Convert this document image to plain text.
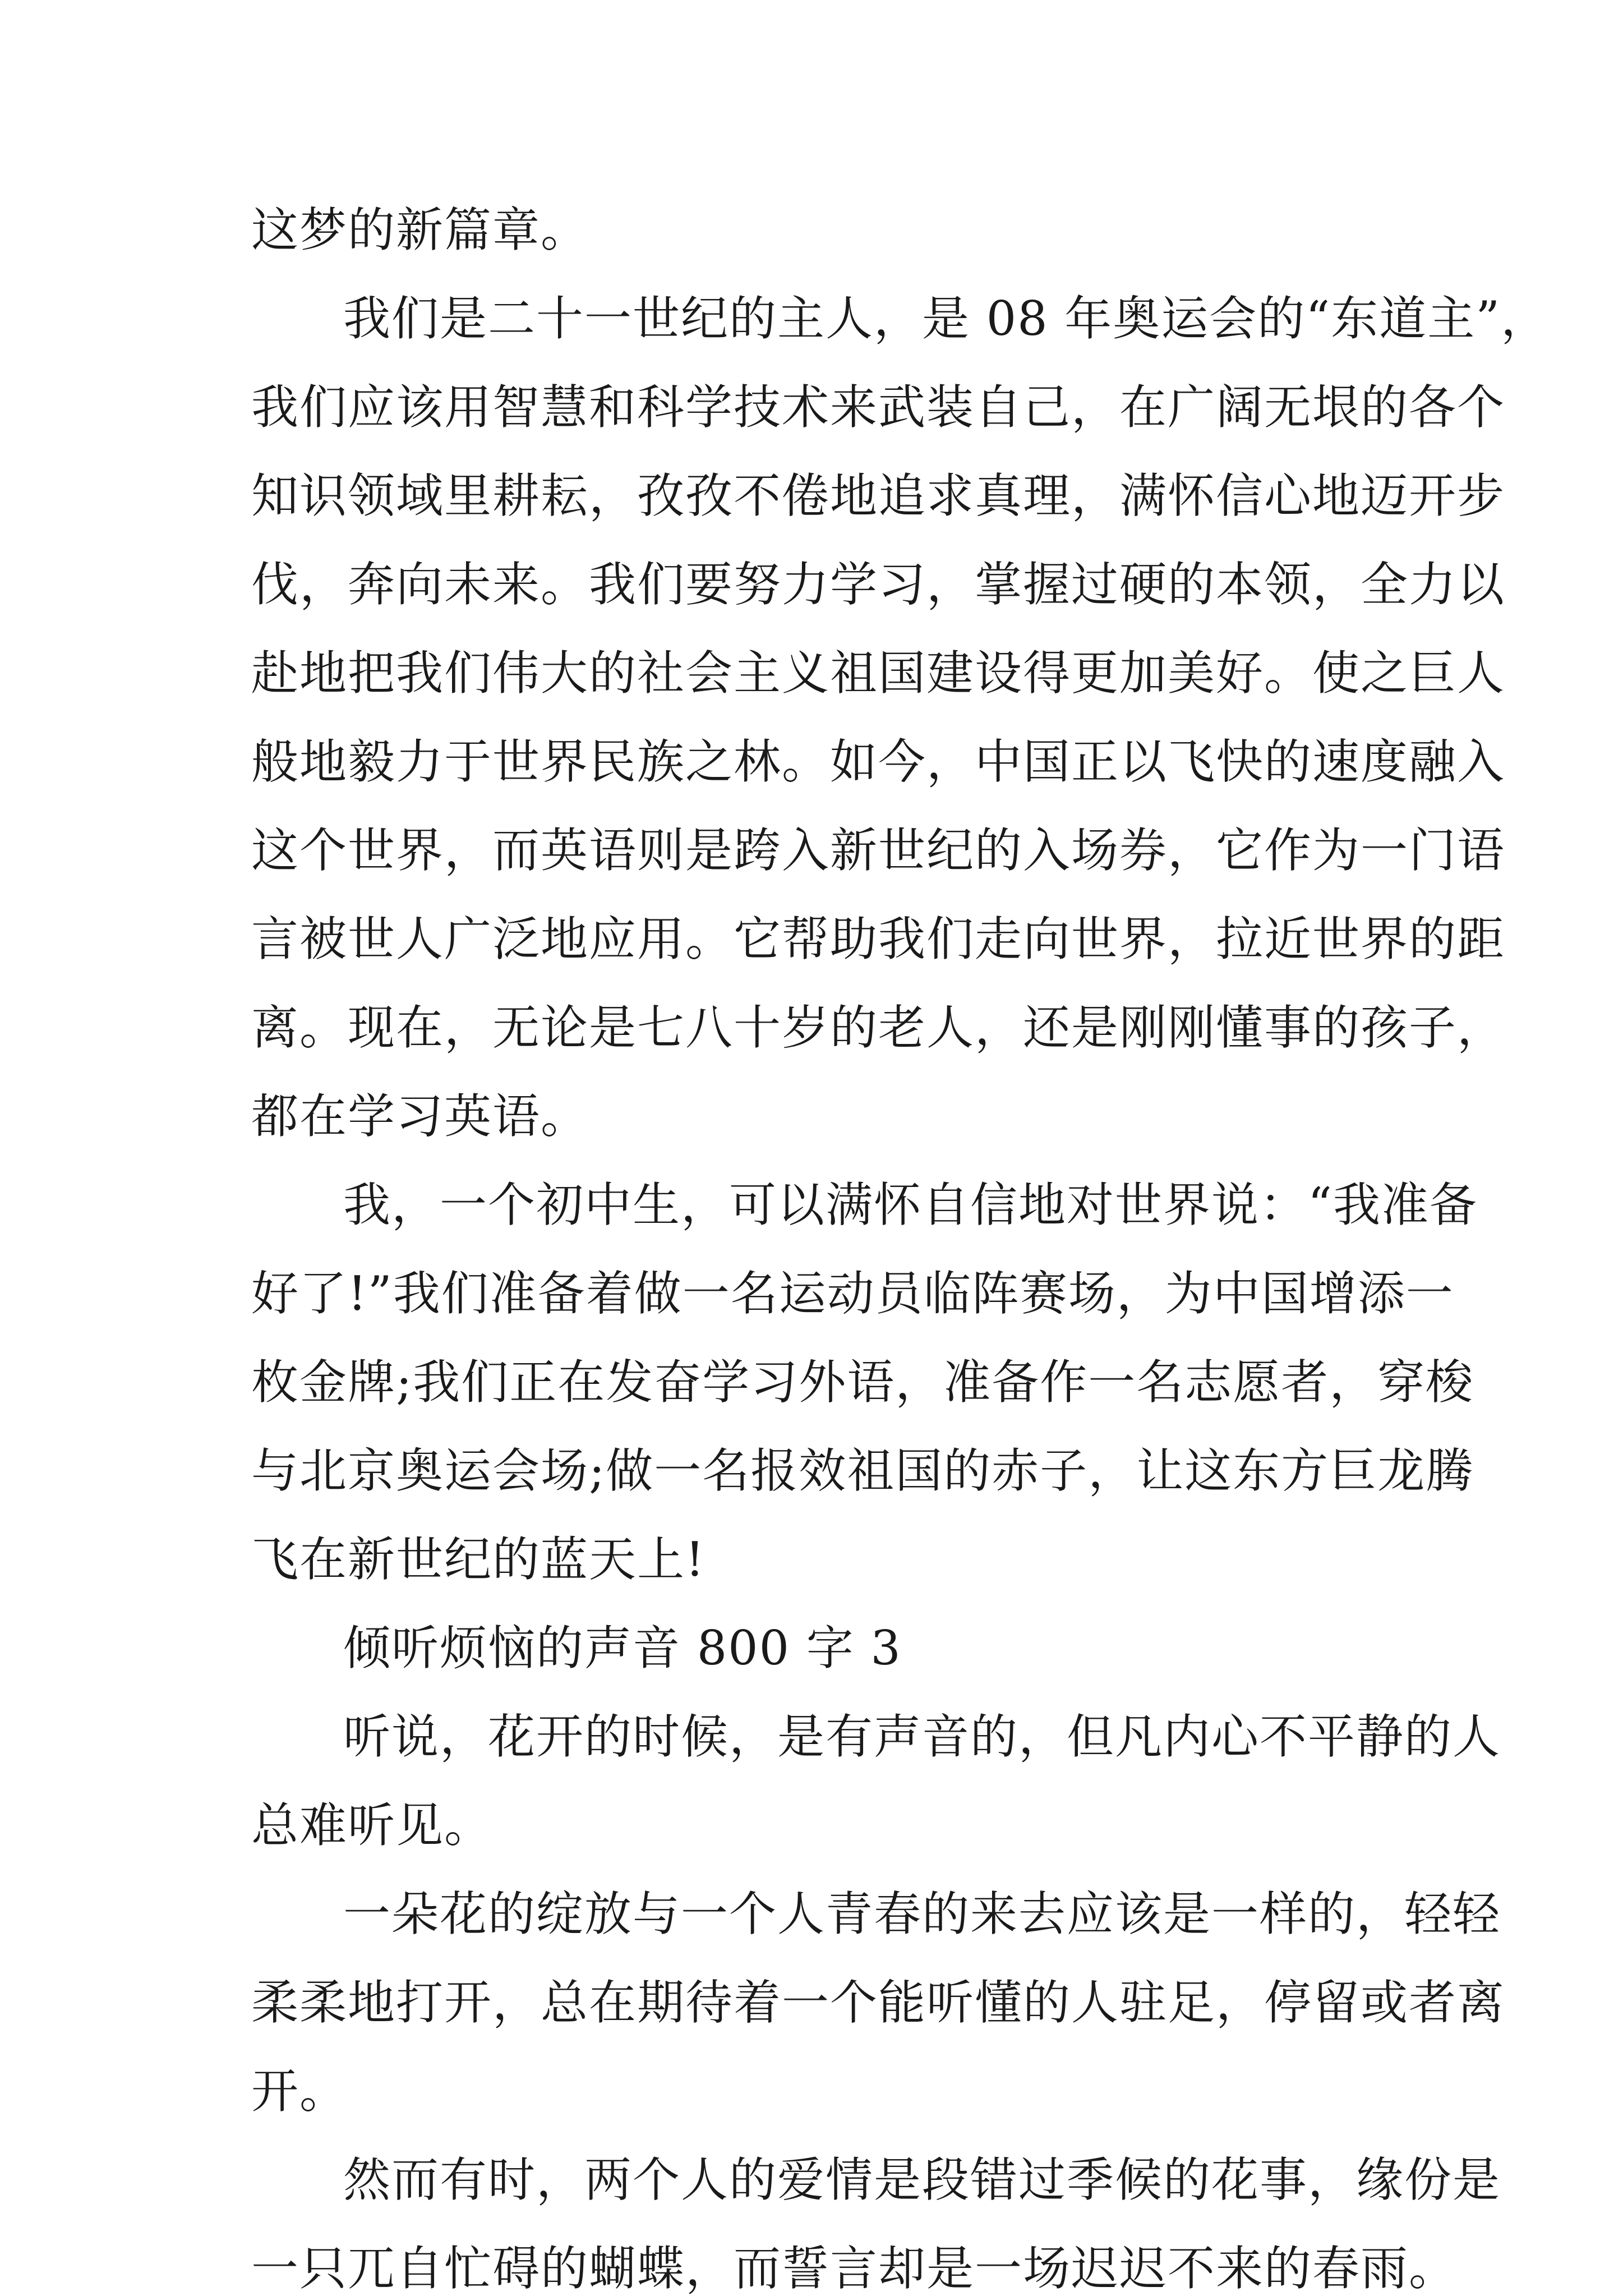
这梦的新篇章。
我们是二十一世纪的主人，是 08 年奥运会的“东道主”，
我们应该用智慧和科学技术来武装自己，在广阔无垠的各个
知识领域里耕耘，孜孜不倦地追求真理，满怀信心地迈开步
伐，奔向未来。我们要努力学习，掌握过硬的本领，全力以
赴地把我们伟大的社会主义祖国建设得更加美好。使之巨人
般地毅力于世界民族之林。如今，中国正以飞快的速度融入
这个世界，而英语则是跨入新世纪的入场券，它作为一门语
言被世人广泛地应用。它帮助我们走向世界，拉近世界的距
离。现在，无论是七八十岁的老人，还是刚刚懂事的孩子，
都在学习英语。
我，一个初中生，可以满怀自信地对世界说：“我准备
好了!”我们准备着做一名运动员临阵赛场，为中国增添一
枚金牌;我们正在发奋学习外语，准备作一名志愿者，穿梭
与北京奥运会场;做一名报效祖国的赤子，让这东方巨龙腾
飞在新世纪的蓝天上!
倾听烦恼的声音 800 字 3
听说，花开的时候，是有声音的，但凡内心不平静的人
总难听见。
一朵花的绽放与一个人青春的来去应该是一样的，轻轻
柔柔地打开，总在期待着一个能听懂的人驻足，停留或者离
开。
然而有时，两个人的爱情是段错过季候的花事，缘份是
一只兀自忙碍的蝴蝶，而誓言却是一场迟迟不来的春雨。
